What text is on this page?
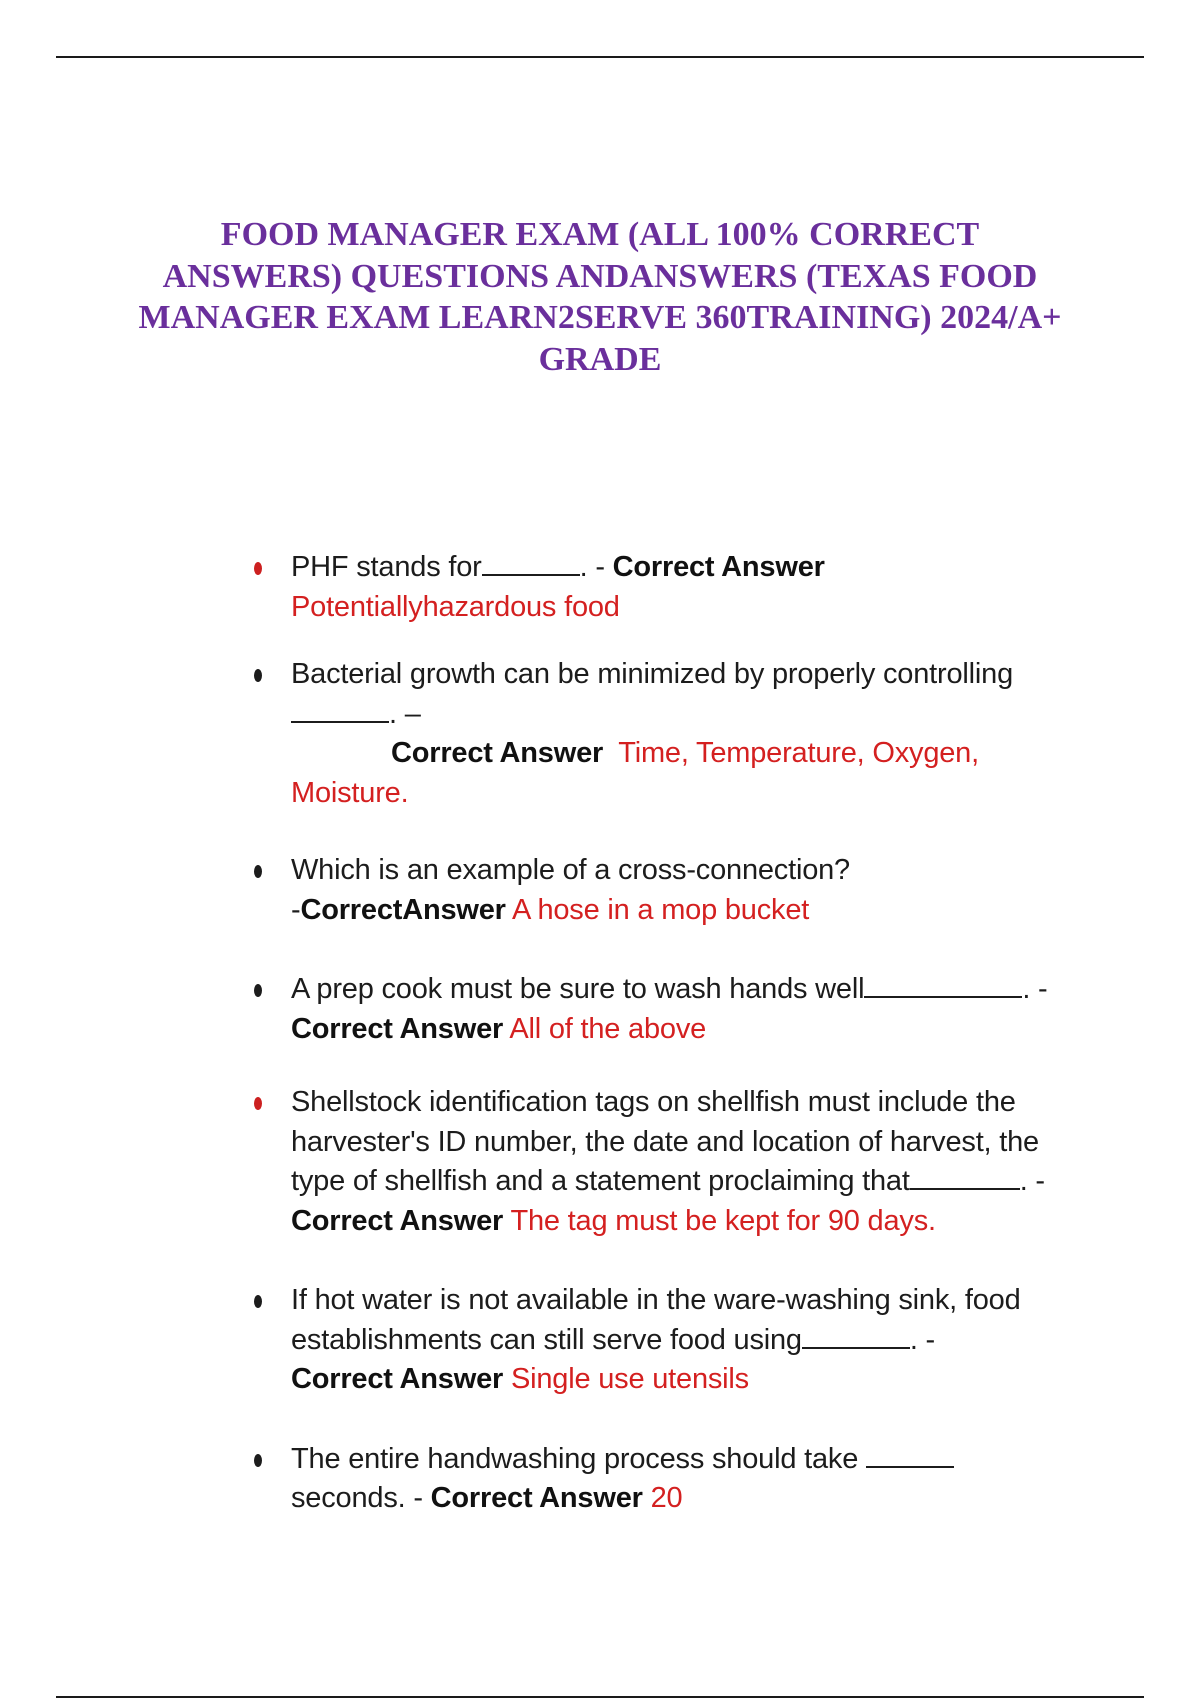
FOOD MANAGER EXAM (ALL 100% CORRECT ANSWERS) QUESTIONS ANDANSWERS (TEXAS FOOD MANAGER EXAM LEARN2SERVE 360TRAINING) 2024/A+ GRADE
PHF stands for	. - Correct Answer
Potentiallyhazardous food
Bacterial growth can be minimized by properly controlling
. –
Correct Answer Time, Temperature, Oxygen, Moisture.
Which is an example of a cross-connection?
-CorrectAnswer A hose in a mop bucket
A prep cook must be sure to wash hands well	. -
Correct Answer All of the above
Shellstock identification tags on shellfish must include the harvester's ID number, the date and location of harvest, the type of shellfish and a statement proclaiming that	. -
Correct Answer The tag must be kept for 90 days.
If hot water is not available in the ware-washing sink, food establishments can still serve food using	. -
Correct Answer Single use utensils
The entire handwashing process should take
seconds. - Correct Answer 20
